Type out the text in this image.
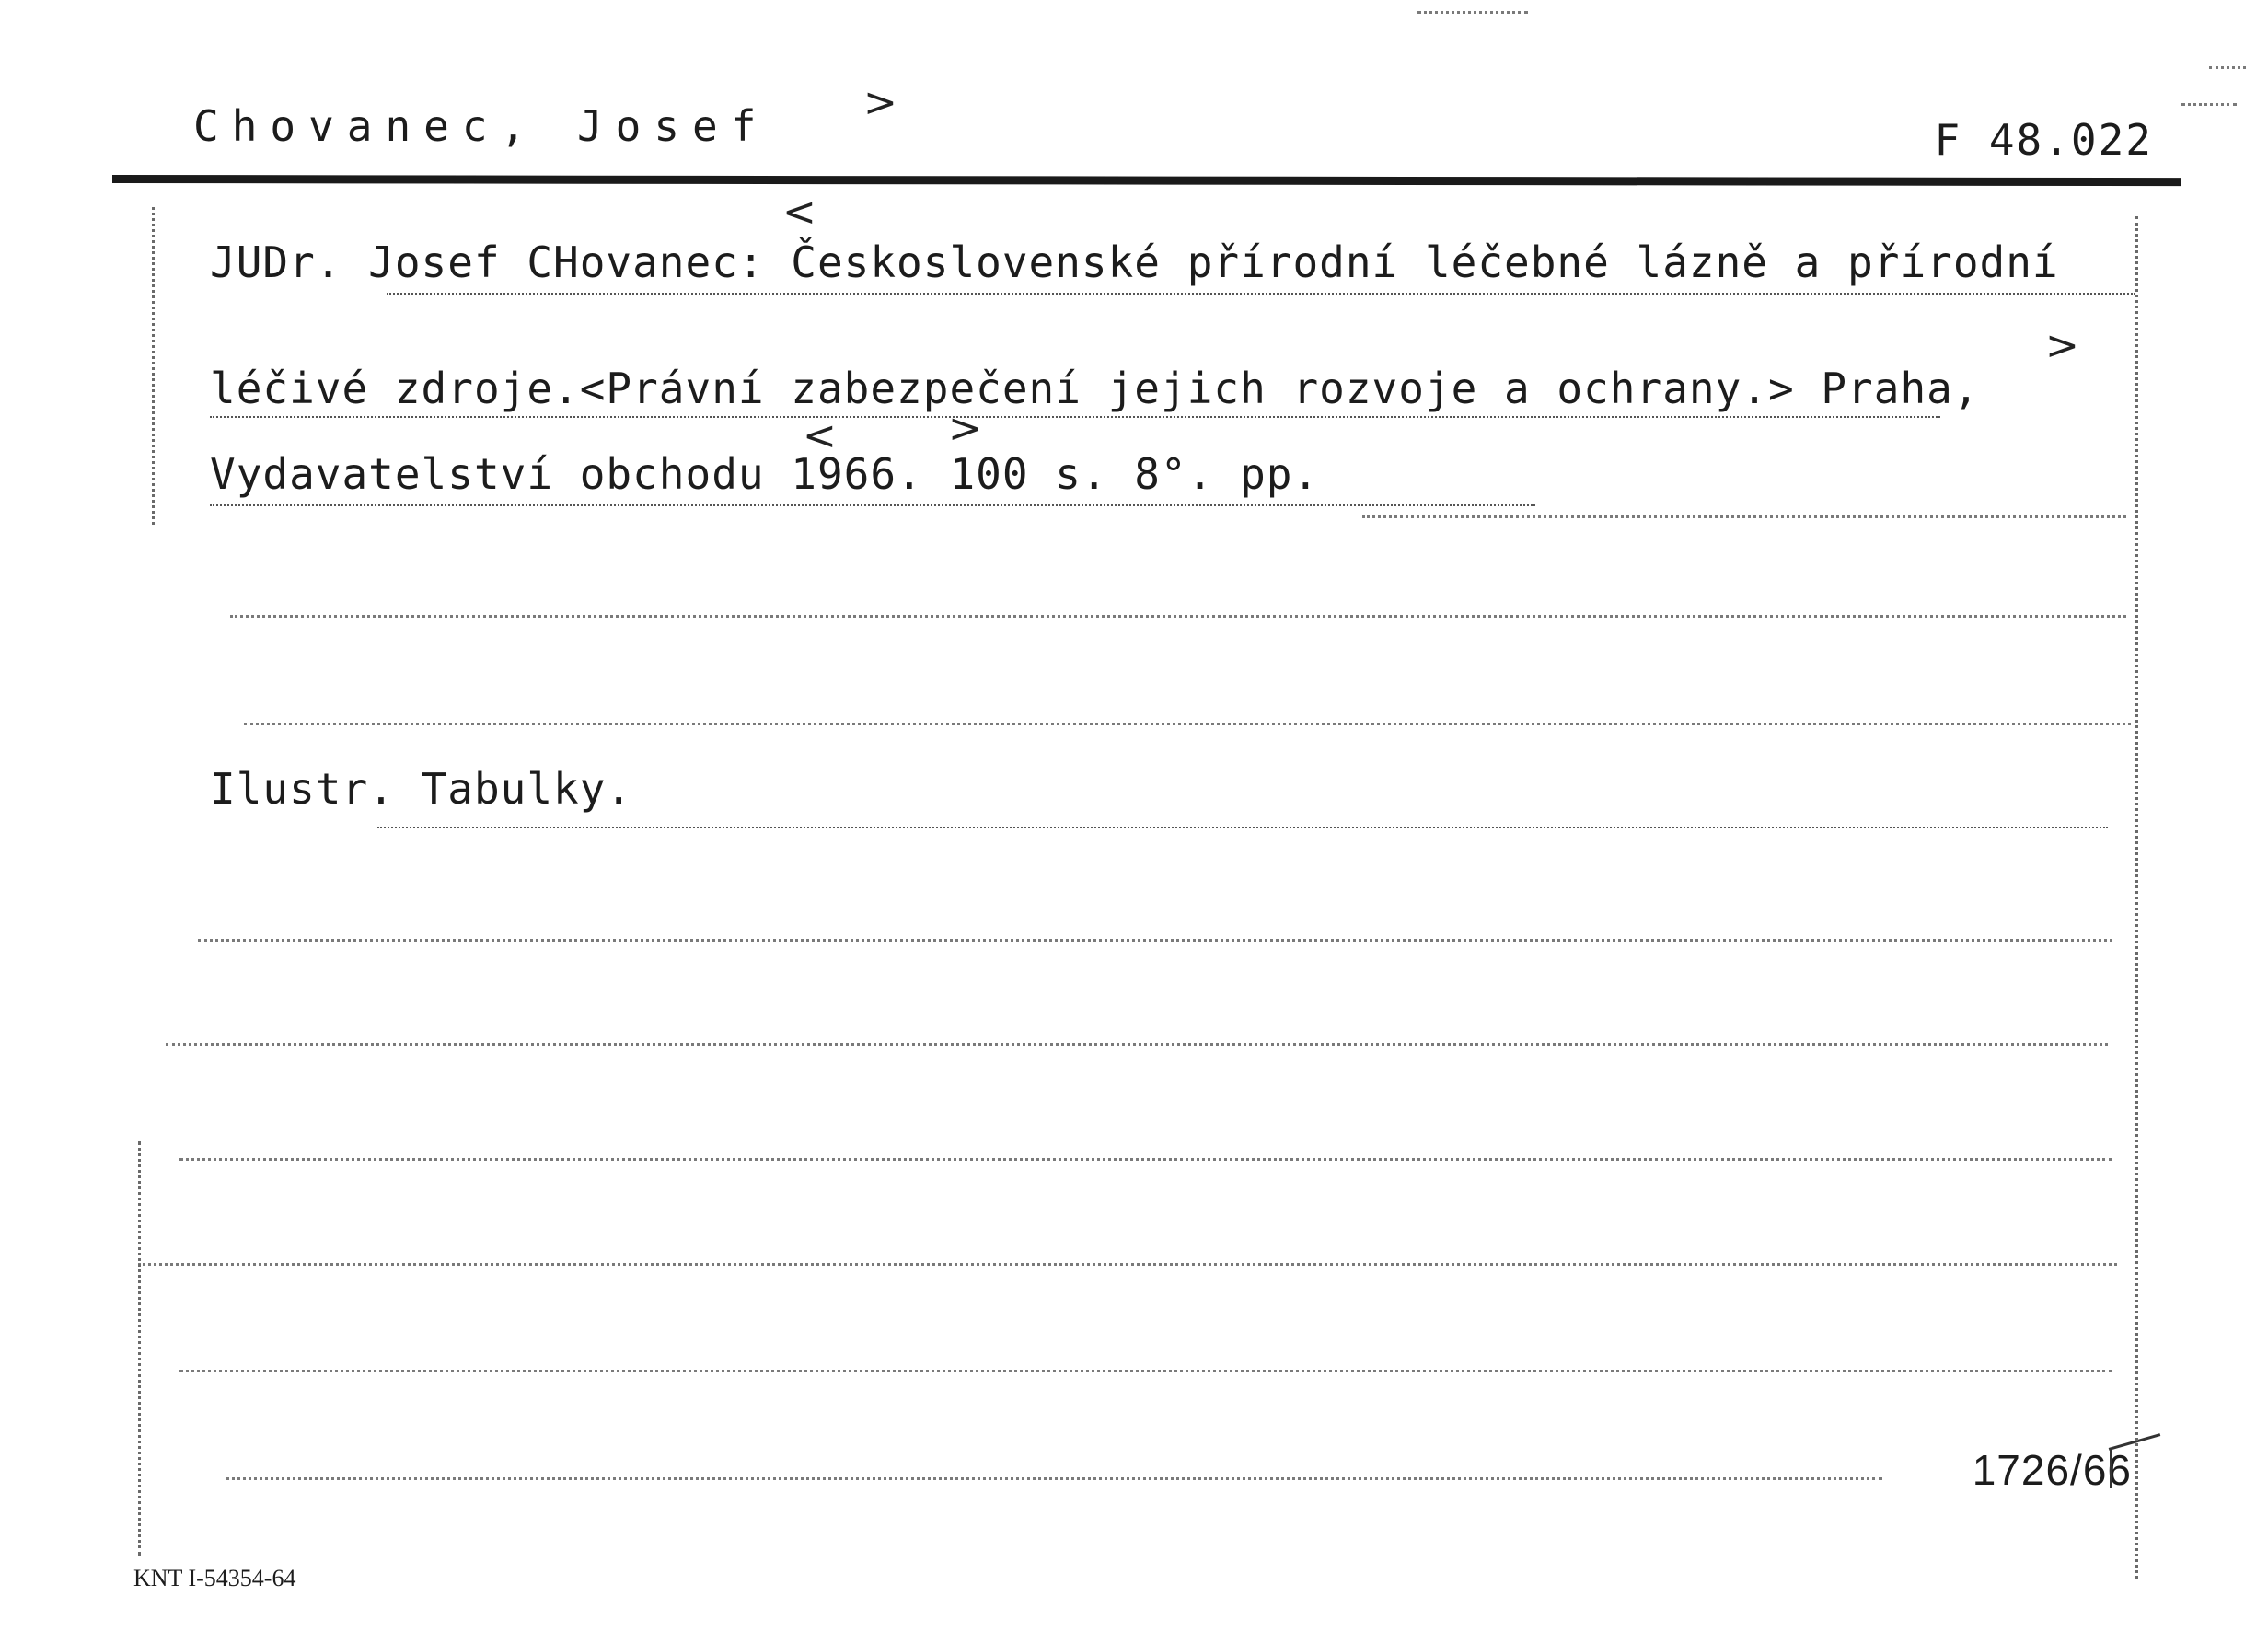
Chovanec, Josef >
F 48.022
<
JUDr. Josef CHovanec: Československé přírodní léčebné lázně a přírodní
>
léčivé zdroje.<Právní zabezpečení jejich rozvoje a ochrany.> Praha,
<	>
Vydavatelství obchodu 1966. 100 s. 8°. pp.
Ilustr. Tabulky.
1726/66
KNT I-54354-64
